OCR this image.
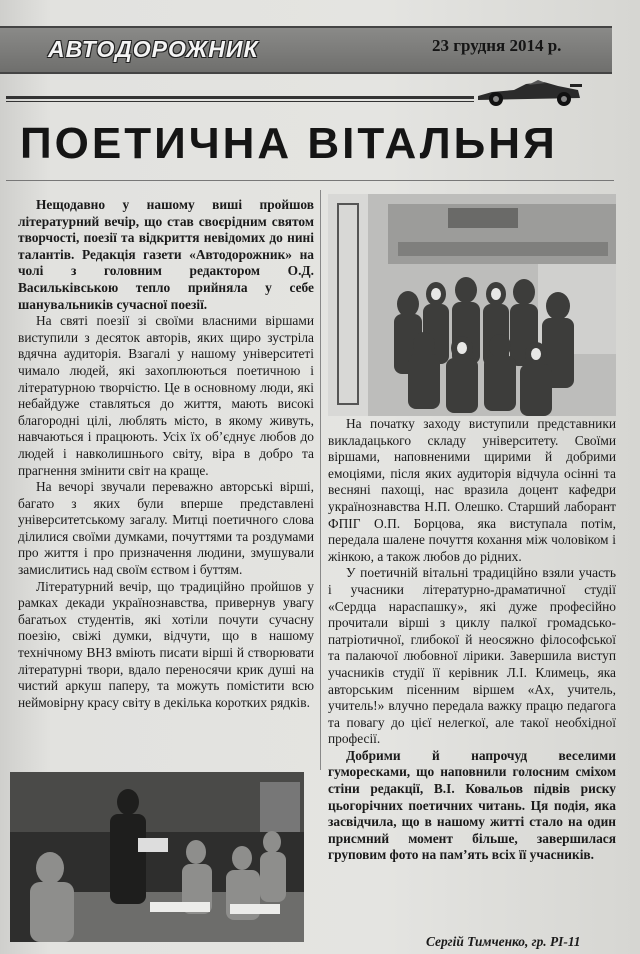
АВТОДОРОЖНИК	23 грудня 2014 р.
ПОЕТИЧНА ВІТАЛЬНЯ

Нещодавно у нашому виші пройшов літературний вечір, що став своєрідним святом творчості, поезії та відкриття невідомих до нині талантів. Редакція газети «Автодорожник» на чолі з головним редактором О.Д. Васильківською тепло прийняла у себе шанувальників сучасної поезії.

На святі поезії зі своїми власними віршами виступили з десяток авторів, яких щиро зустріла вдячна аудиторія. Взагалі у нашому університеті чимало людей, які захоплюються поетичною і літературною творчістю. Це в основному люди, які небайдуже ставляться до життя, мають високі благородні цілі, люблять місто, в якому живуть, навчаються і працюють. Усіх їх об’єднує любов до людей і навколишнього світу, віра в добро та прагнення змінити світ на краще.

На вечорі звучали переважно авторські вірші, багато з яких були вперше представлені університетському загалу. Митці поетичного слова ділилися своїми думками, почуттями та роздумами про життя і про призначення людини, змушували замислитись над своїм єством і буттям.

Літературний вечір, що традиційно пройшов у рамках декади українознавства, привернув увагу багатьох студентів, які хотіли почути сучасну поезію, свіжі думки, відчути, що в нашому технічному ВНЗ вміють писати вірші й створювати літературні твори, вдало переносячи крик душі на чистий аркуш паперу, та можуть помістити всю неймовірну красу світу в декілька коротких рядків.

На початку заходу виступили представники викладацького складу університету. Своїми віршами, наповненими щирими й добрими емоціями, після яких аудиторія відчула осінні та весняні пахощі, нас вразила доцент кафедри українознавства Н.П. Олешко. Старший лаборант ФПІГ О.П. Борцова, яка виступала потім, передала шалене почуття кохання між чоловіком і жінкою, а також любов до рідних.

У поетичній вітальні традиційно взяли участь і учасники літературно-драматичної студії «Сердца нараспашку», які дуже професійно прочитали вірші з циклу палкої громадсько-патріотичної, глибокої й неосяжно філософської та палаючої любовної лірики. Завершила виступ учасників студії її керівник Л.І. Климець, яка авторським пісенним віршем «Ах, учитель, учитель!» влучно передала важку працю педагога та повагу до цієї нелегкої, але такої необхідної професії.

Добрими й напрочуд веселими гуморесками, що наповнили голосним сміхом стіни редакції, В.І. Ковальов підвів риску цьогорічних поетичних читань. Ця подія, яка засвідчила, що в нашому житті стало на один присмний момент більше, завершилася груповим фото на пам’ять всіх її учасників.

Сергій Тимченко, гр. РІ-11
